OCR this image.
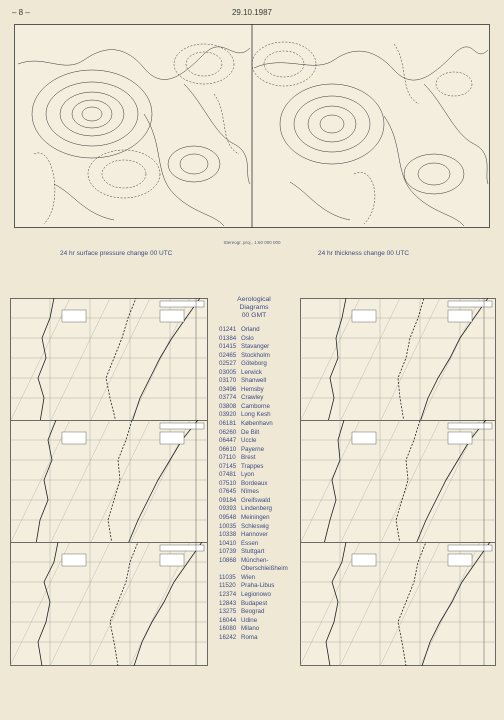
– 8 –	29.10.1987
Stereogr. proj., 1:60 000 000
24 hr surface pressure change 00 UTC	24 hr thickness change 00 UTC
Aerological
Diagrams
00 GMT
01241 Orland
01384 Oslo
01415 Stavanger
02465 Stockholm
02527 Göteborg
03005 Lerwick
03170 Shanwell
03496 Hemsby
03774 Crawley
03808 Camborne
03920 Long Kesh
06181 København
06260 De Bilt
06447 Uccle
06610 Payerne
07110 Brest
07145 Trappes
07481 Lyon
07510 Bordeaux
07645 Nîmes
09184 Greifswald
09393 Lindenberg
09548 Meiningen
10035 Schleswig
10338 Hannover
10410 Essen
10739 Stuttgart
10868 München-
Oberschleißheim
11035 Wien
11520 Praha-Libus
12374 Legionowo
12843 Budapest
13275 Beograd
16044 Udine
16080 Milano
16242 Roma
